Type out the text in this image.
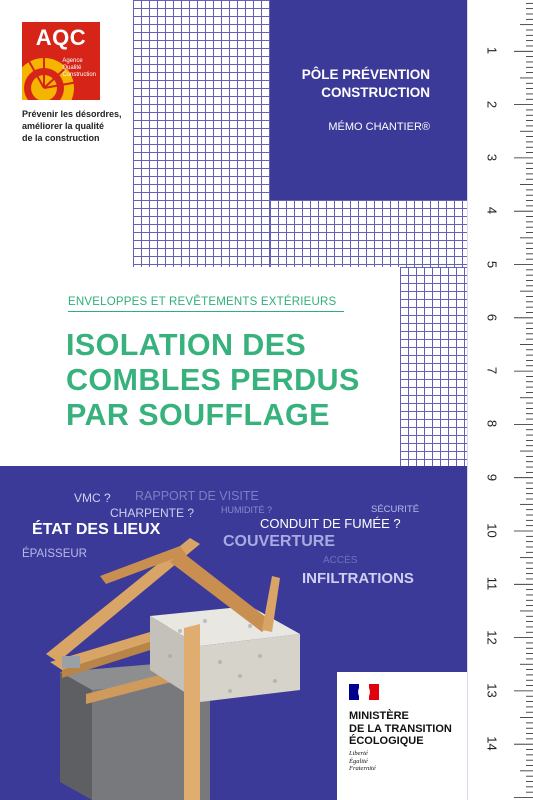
AQC
Agence
Qualité
Construction
Prévenir les désordres,
améliorer la qualité
de la construction
PÔLE PRÉVENTION
CONSTRUCTION
MÉMO CHANTIER®
ENVELOPPES ET REVÊTEMENTS EXTÉRIEURS
ISOLATION DES
COMBLES PERDUS
PAR SOUFFLAGE
VMC ? RAPPORT DE VISITE
CHARPENTE ?	HUMIDITÉ ?	SÉCURITÉ
ÉTAT DES LIEUX	CONDUIT DE FUMÉE ?
COUVERTURE
ÉPAISSEUR
ACCÈS
INFILTRATIONS
MINISTÈRE
DE LA TRANSITION
ÉCOLOGIQUE
Liberté
Égalité
Fraternité
1
2
3
4
5
6
7
8
9
10
11
12
13
14
